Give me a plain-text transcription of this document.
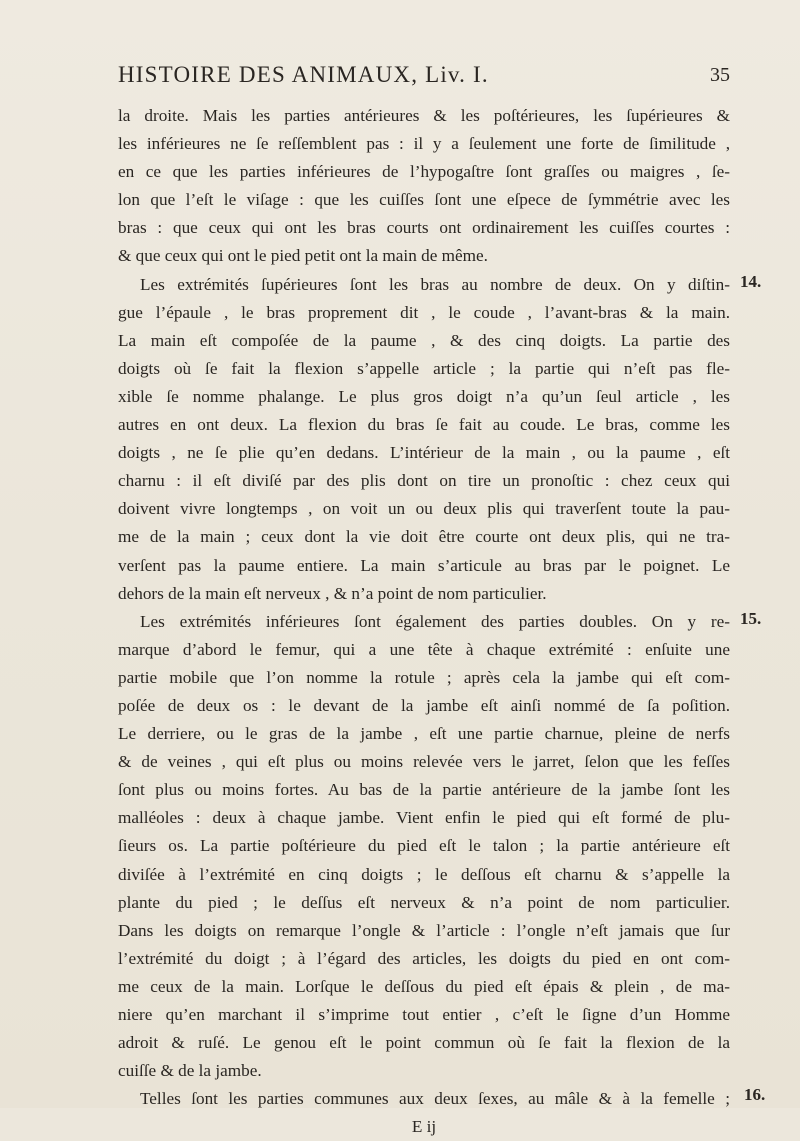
HISTOIRE DES ANIMAUX, Liv. I.	35
la droite. Mais les parties antérieures & les poſtérieures, les ſupérieures &
les inférieures ne ſe reſſemblent pas : il y a ſeulement une forte de ſimilitude ,
en ce que les parties inférieures de l’hypogaſtre ſont graſſes ou maigres , ſe-
lon que l’eſt le viſage : que les cuiſſes ſont une eſpece de ſymmétrie avec les
bras : que ceux qui ont les bras courts ont ordinairement les cuiſſes courtes :
& que ceux qui ont le pied petit ont la main de même.
Les extrémités ſupérieures ſont les bras au nombre de deux. On y diſtin-
gue l’épaule , le bras proprement dit , le coude , l’avant-bras & la main.
La main eſt compoſée de la paume , & des cinq doigts. La partie des
doigts où ſe fait la flexion s’appelle article ; la partie qui n’eſt pas fle-
xible ſe nomme phalange. Le plus gros doigt n’a qu’un ſeul article , les
autres en ont deux. La flexion du bras ſe fait au coude. Le bras, comme les
doigts , ne ſe plie qu’en dedans. L’intérieur de la main , ou la paume , eſt
charnu : il eſt diviſé par des plis dont on tire un pronoſtic : chez ceux qui
doivent vivre longtemps , on voit un ou deux plis qui traverſent toute la pau-
me de la main ; ceux dont la vie doit être courte ont deux plis, qui ne tra-
verſent pas la paume entiere. La main s’articule au bras par le poignet. Le
dehors de la main eſt nerveux , & n’a point de nom particulier.
Les extrémités inférieures ſont également des parties doubles. On y re-
marque d’abord le femur, qui a une tête à chaque extrémité : enſuite une
partie mobile que l’on nomme la rotule ; après cela la jambe qui eſt com-
poſée de deux os : le devant de la jambe eſt ainſi nommé de ſa poſition.
Le derriere, ou le gras de la jambe , eſt une partie charnue, pleine de nerfs
& de veines , qui eſt plus ou moins relevée vers le jarret, ſelon que les feſſes
ſont plus ou moins fortes. Au bas de la partie antérieure de la jambe ſont les
malléoles : deux à chaque jambe. Vient enfin le pied qui eſt formé de plu-
ſieurs os. La partie poſtérieure du pied eſt le talon ; la partie antérieure eſt
diviſée à l’extrémité en cinq doigts ; le deſſous eſt charnu & s’appelle la
plante du pied ; le deſſus eſt nerveux & n’a point de nom particulier.
Dans les doigts on remarque l’ongle & l’article : l’ongle n’eſt jamais que ſur
l’extrémité du doigt ; à l’égard des articles, les doigts du pied en ont com-
me ceux de la main. Lorſque le deſſous du pied eſt épais & plein , de ma-
niere qu’en marchant il s’imprime tout entier , c’eſt le ſigne d’un Homme
adroit & ruſé. Le genou eſt le point commun où ſe fait la flexion de la
cuiſſe & de la jambe.
Telles ſont les parties communes aux deux ſexes, au mâle & à la femelle ;
E ij
14.
15.
16.
